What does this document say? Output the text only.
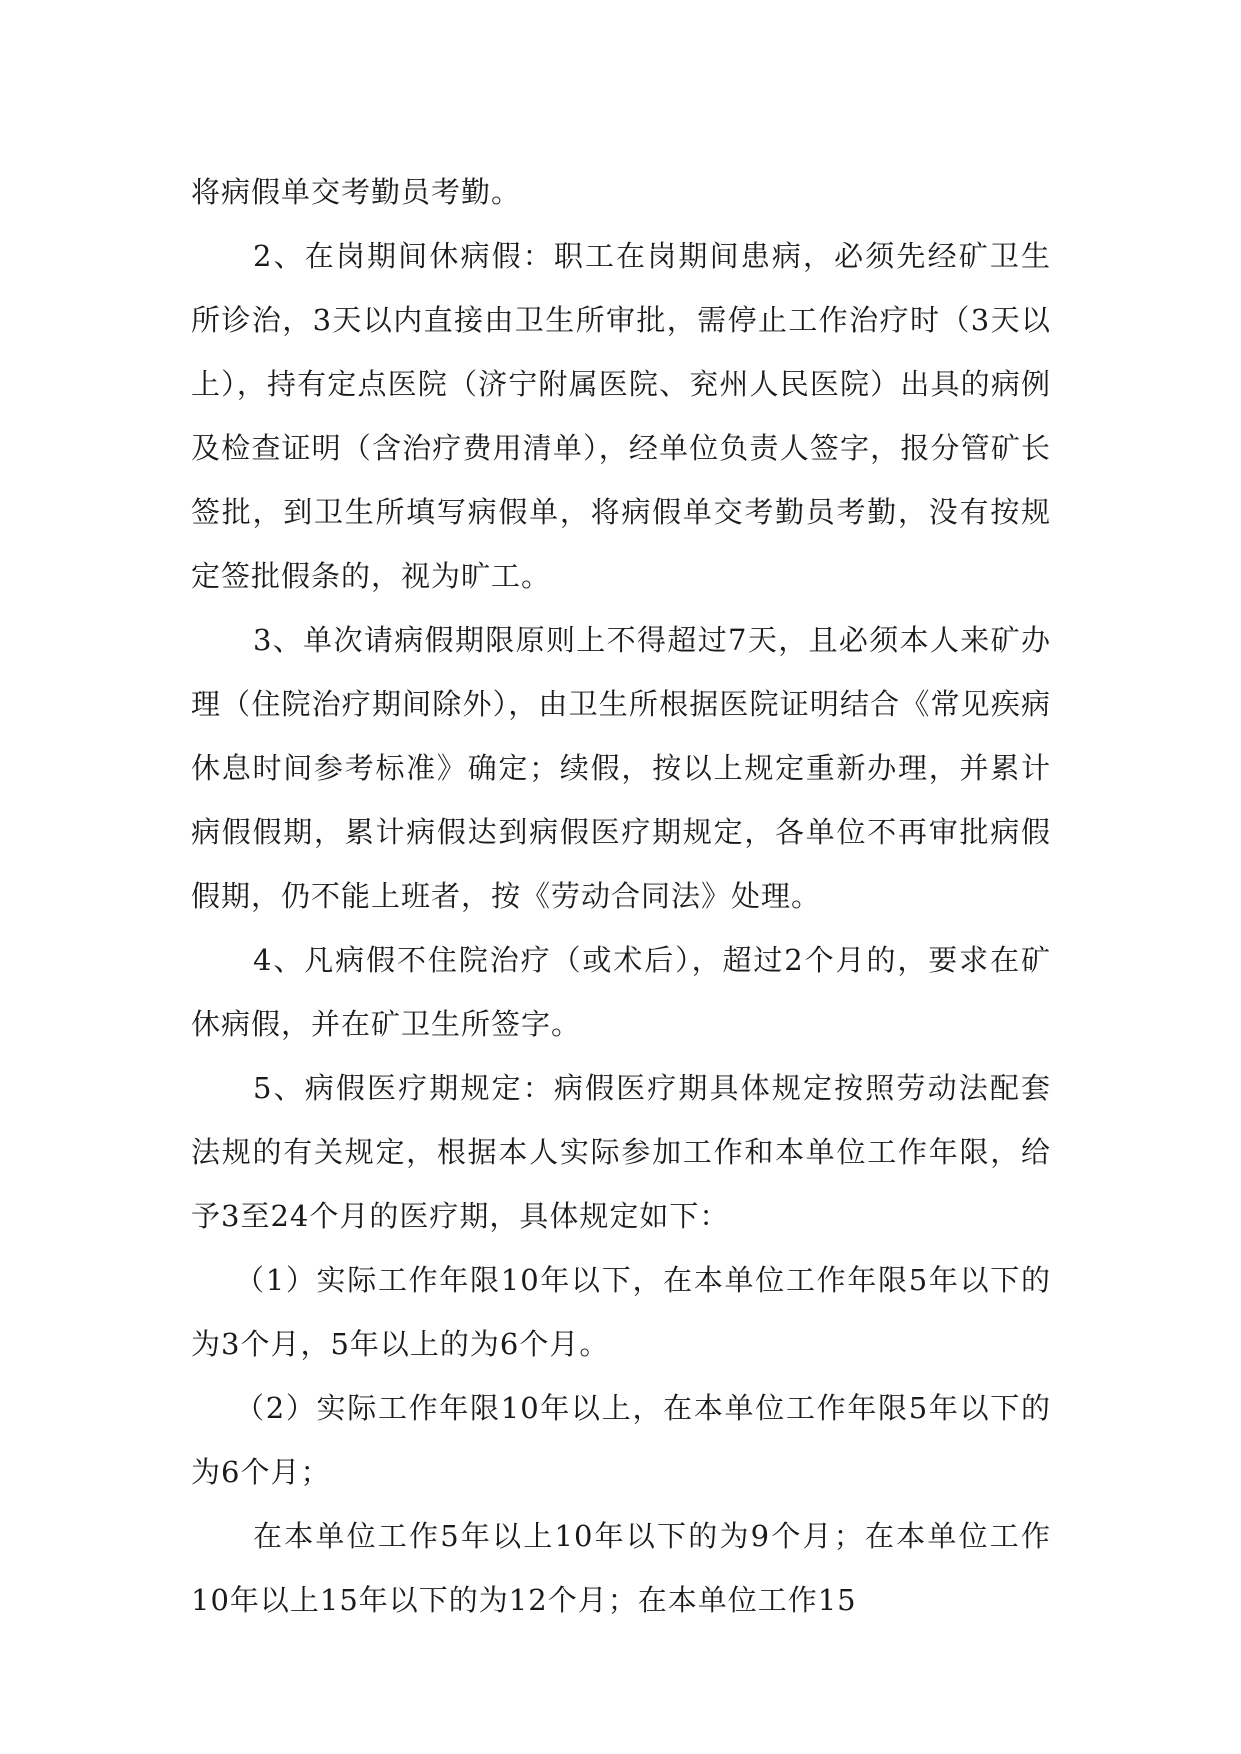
将病假单交考勤员考勤。

2、在岗期间休病假：职工在岗期间患病，必须先经矿卫生所诊治，3天以内直接由卫生所审批，需停止工作治疗时（3天以上），持有定点医院（济宁附属医院、兖州人民医院）出具的病例及检查证明（含治疗费用清单），经单位负责人签字，报分管矿长签批，到卫生所填写病假单，将病假单交考勤员考勤，没有按规定签批假条的，视为旷工。

3、单次请病假期限原则上不得超过7天，且必须本人来矿办理（住院治疗期间除外），由卫生所根据医院证明结合《常见疾病休息时间参考标准》确定；续假，按以上规定重新办理，并累计病假假期，累计病假达到病假医疗期规定，各单位不再审批病假假期，仍不能上班者，按《劳动合同法》处理。

4、凡病假不住院治疗（或术后），超过2个月的，要求在矿休病假，并在矿卫生所签字。

5、病假医疗期规定：病假医疗期具体规定按照劳动法配套法规的有关规定，根据本人实际参加工作和本单位工作年限，给予3至24个月的医疗期，具体规定如下：

（1）实际工作年限10年以下，在本单位工作年限5年以下的为3个月，5年以上的为6个月。

（2）实际工作年限10年以上，在本单位工作年限5年以下的为6个月；

在本单位工作5年以上10年以下的为9个月；在本单位工作10年以上15年以下的为12个月；在本单位工作15
